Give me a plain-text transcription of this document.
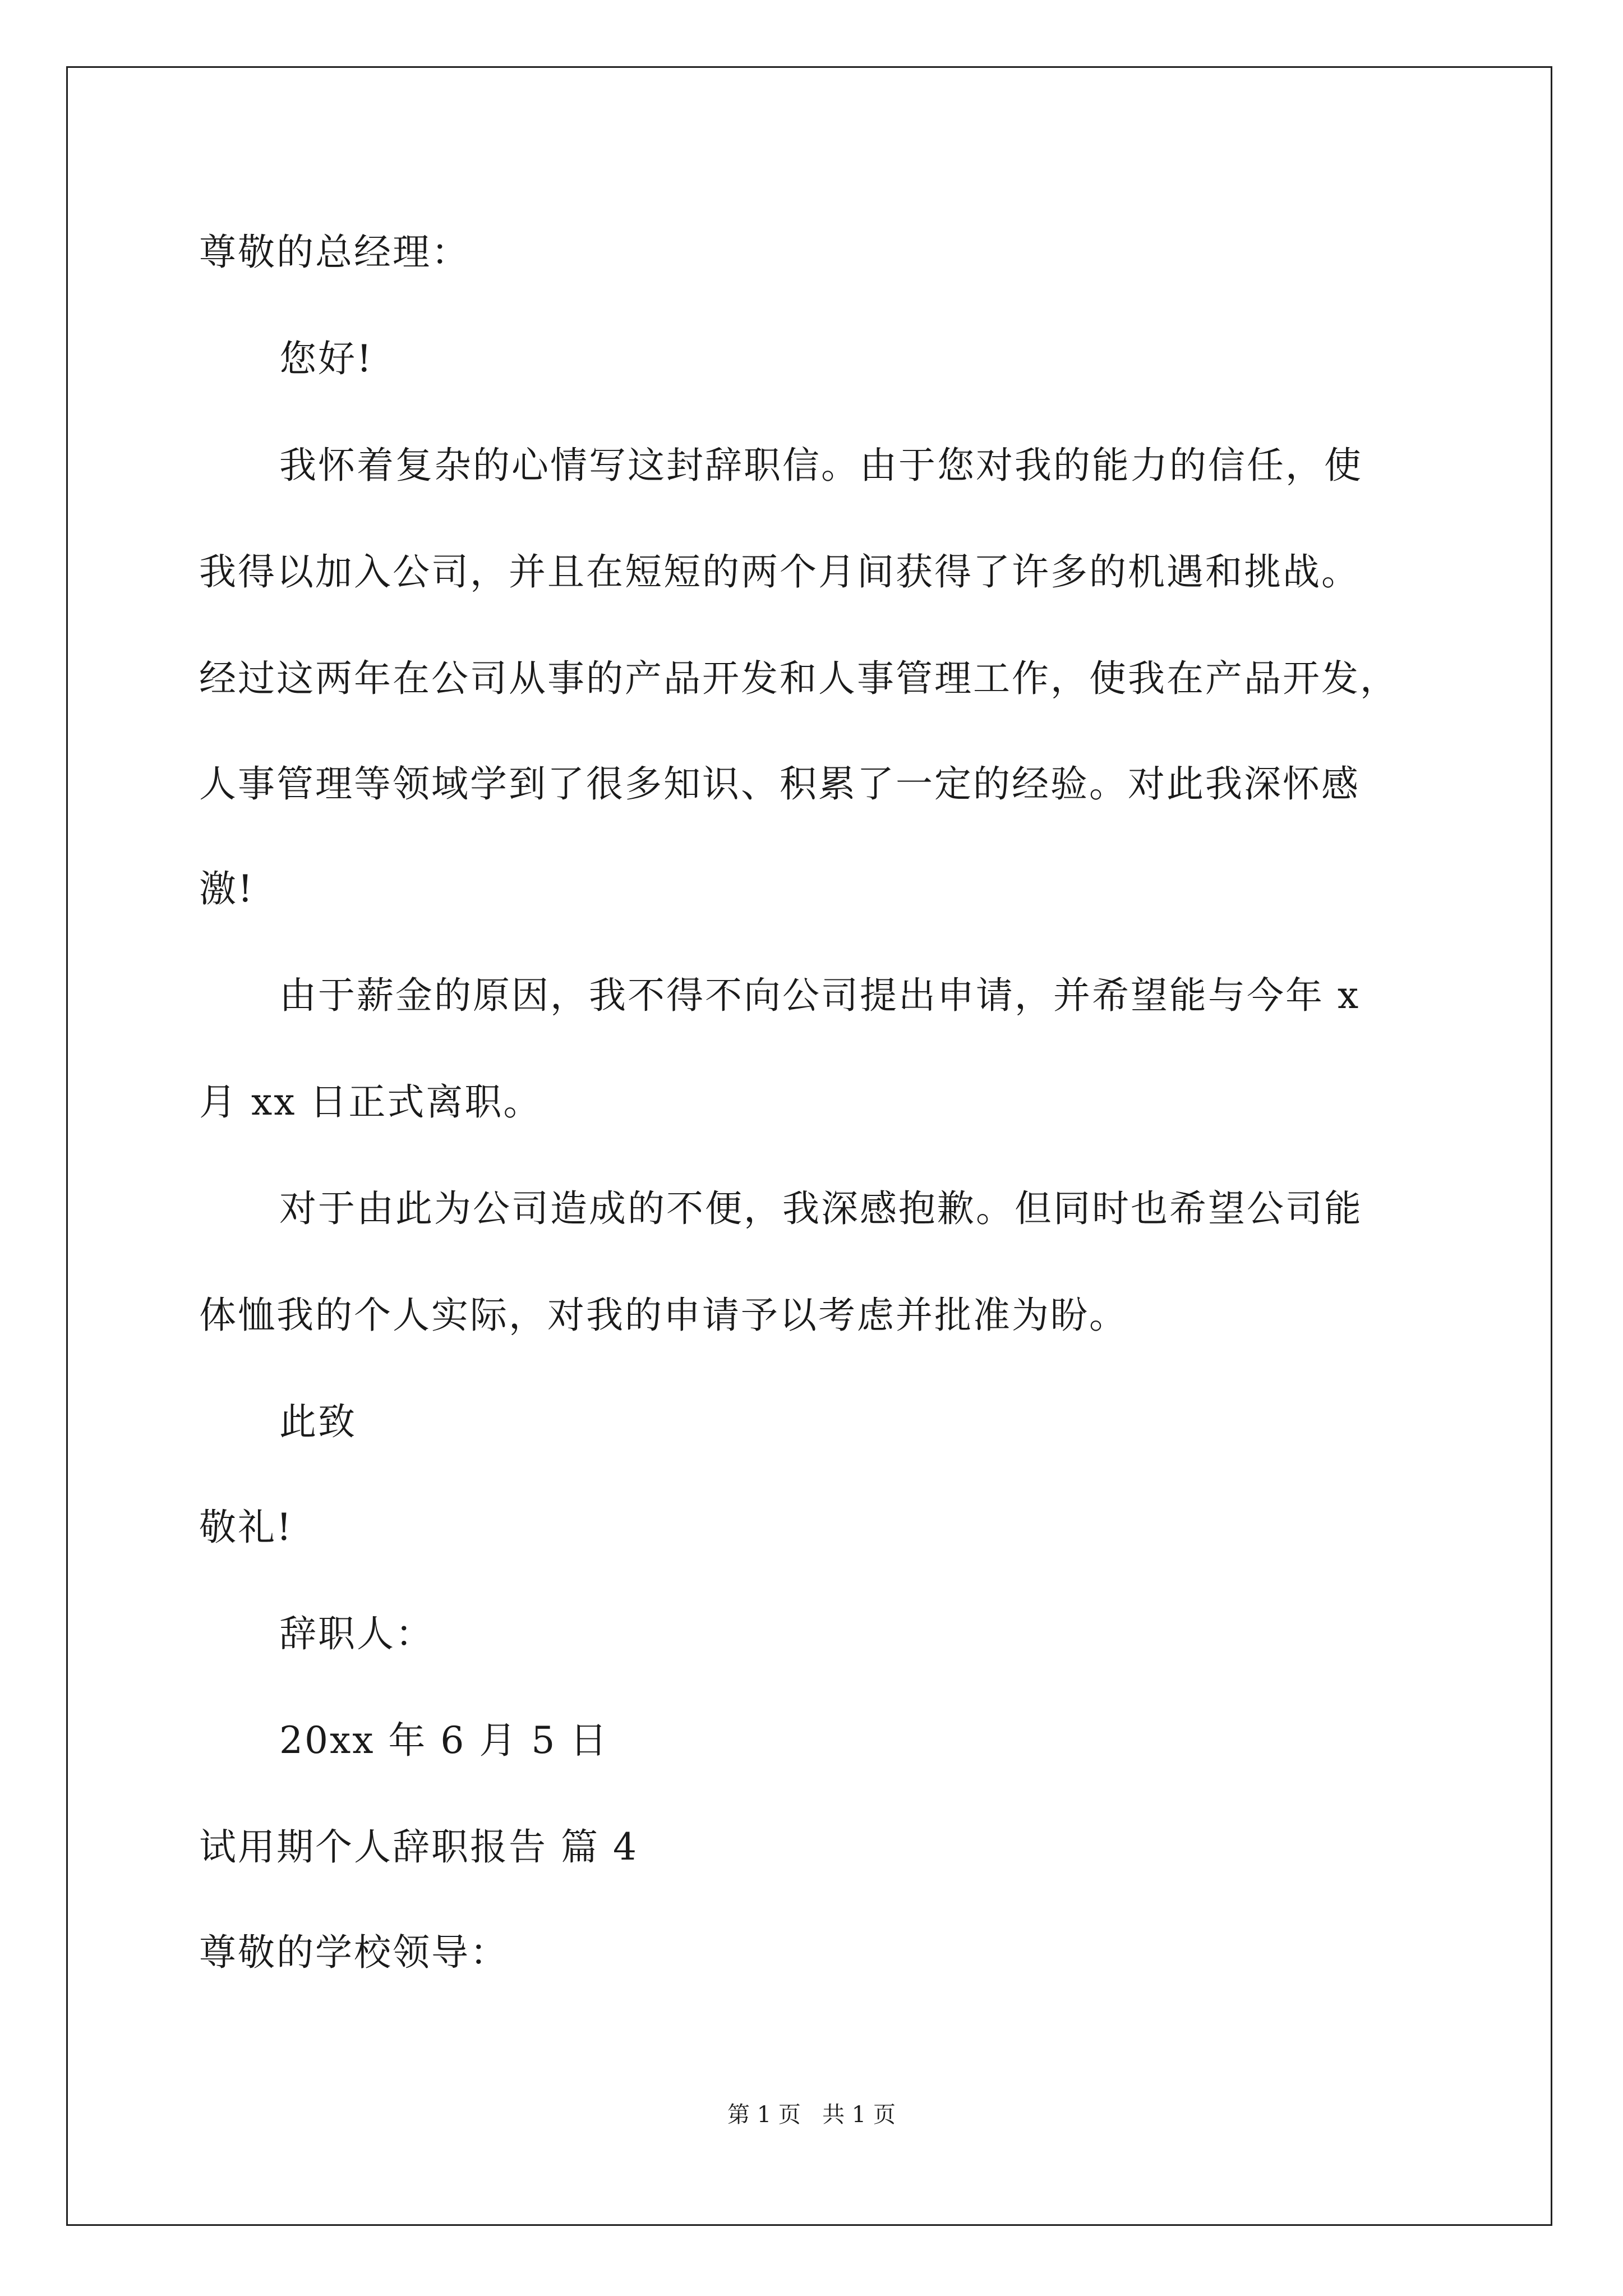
尊敬的总经理：
您好!
我怀着复杂的心情写这封辞职信。由于您对我的能力的信任，使
我得以加入公司，并且在短短的两个月间获得了许多的机遇和挑战。
经过这两年在公司从事的产品开发和人事管理工作，使我在产品开发，
人事管理等领域学到了很多知识、积累了一定的经验。对此我深怀感
激!
由于薪金的原因，我不得不向公司提出申请，并希望能与今年 x
月 xx 日正式离职。
对于由此为公司造成的不便，我深感抱歉。但同时也希望公司能
体恤我的个人实际，对我的申请予以考虑并批准为盼。
此致
敬礼!
辞职人：
20xx 年 6 月 5 日
试用期个人辞职报告 篇 4
尊敬的学校领导：
第 1 页   共 1 页
